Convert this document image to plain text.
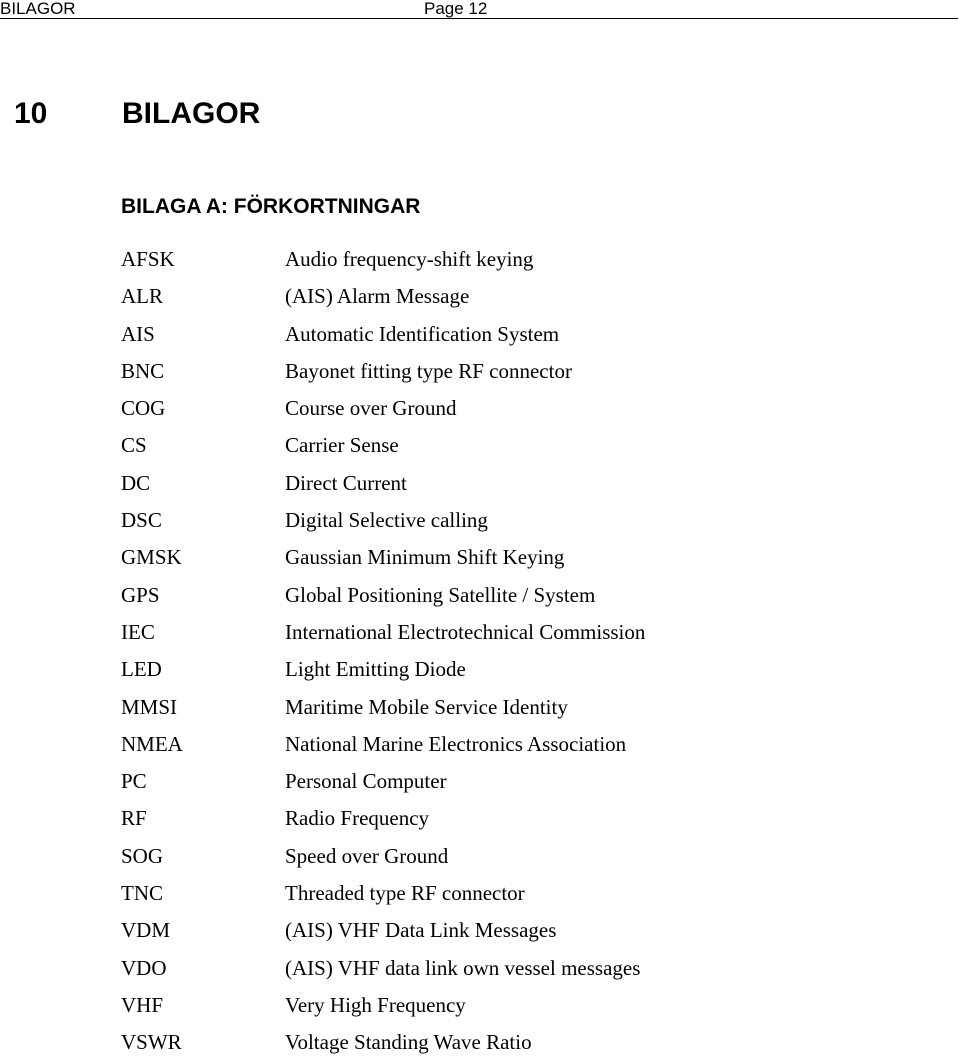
BILAGOR	Page 12
10 BILAGOR
BILAGA A: FÖRKORTNINGAR
AFSK	Audio frequency-shift keying
ALR	(AIS) Alarm Message
AIS	Automatic Identification System
BNC	Bayonet fitting type RF connector
COG	Course over Ground
CS	Carrier Sense
DC	Direct Current
DSC	Digital Selective calling
GMSK	Gaussian Minimum Shift Keying
GPS	Global Positioning Satellite / System
IEC	International Electrotechnical Commission
LED	Light Emitting Diode
MMSI	Maritime Mobile Service Identity
NMEA	National Marine Electronics Association
PC	Personal Computer
RF	Radio Frequency
SOG	Speed over Ground
TNC	Threaded type RF connector
VDM	(AIS) VHF Data Link Messages
VDO	(AIS) VHF data link own vessel messages
VHF	Very High Frequency
VSWR	Voltage Standing Wave Ratio
